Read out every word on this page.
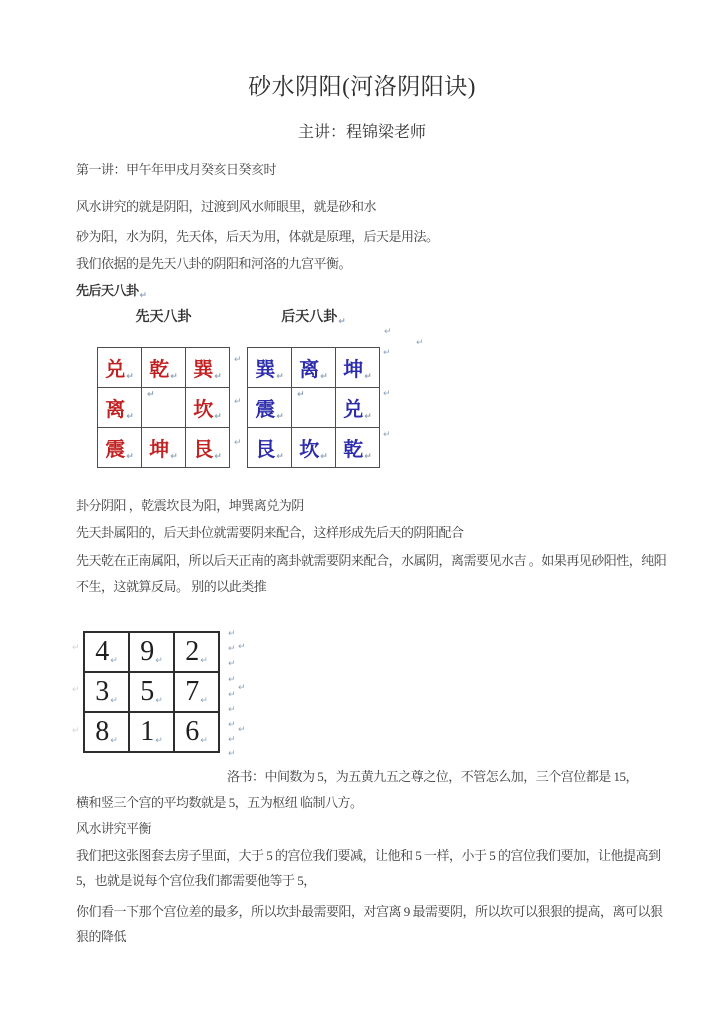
砂水阴阳(河洛阴阳诀)
主讲：程锦梁老师
第一讲：甲午年甲戌月癸亥日癸亥时
风水讲究的就是阴阳，过渡到风水师眼里，就是砂和水
砂为阳，水为阴，先天体，后天为用，体就是原理，后天是用法。
我们依据的是先天八卦的阴阳和河洛的九宫平衡。
先后天八卦↵
先天八卦	后天八卦↵
兑↵	乾↵	巽↵
离↵	↵	坎↵
震↵	坤↵	艮↵
巽↵	离↵	坤↵
震↵	↵	兑↵
艮↵	坎↵	乾↵
卦分阴阳 ，乾震坎艮为阳，坤巽离兑为阴
先天卦属阳的，后天卦位就需要阴来配合，这样形成先后天的阴阳配合
先天乾在正南属阳，所以后天正南的离卦就需要阴来配合，水属阴，离需要见水吉 。如果再见砂阳性，纯阳
不生，这就算反局。 别的以此类推
4↵	9↵	2↵
3↵	5↵	7↵
8↵	1↵	6↵
洛书：中间数为 5，为五黄九五之尊之位，不管怎么加，三个宫位都是 15，
横和竖三个宫的平均数就是 5，五为枢纽 临制八方。
风水讲究平衡
我们把这张图套去房子里面，大于 5 的宫位我们要减，让他和 5 一样，小于 5 的宫位我们要加，让他提高到
5，也就是说每个宫位我们都需要他等于 5，
你们看一下那个宫位差的最多，所以坎卦最需要阳，对宫离 9 最需要阴，所以坎可以狠狠的提高，离可以狠
狠的降低
↵
↵
↵
↵
↵
↵
↵
↵
↵
↵
↵
↵
↵
↵
↵
↵
↵
↵
↵
↵
↵
↵
↵
